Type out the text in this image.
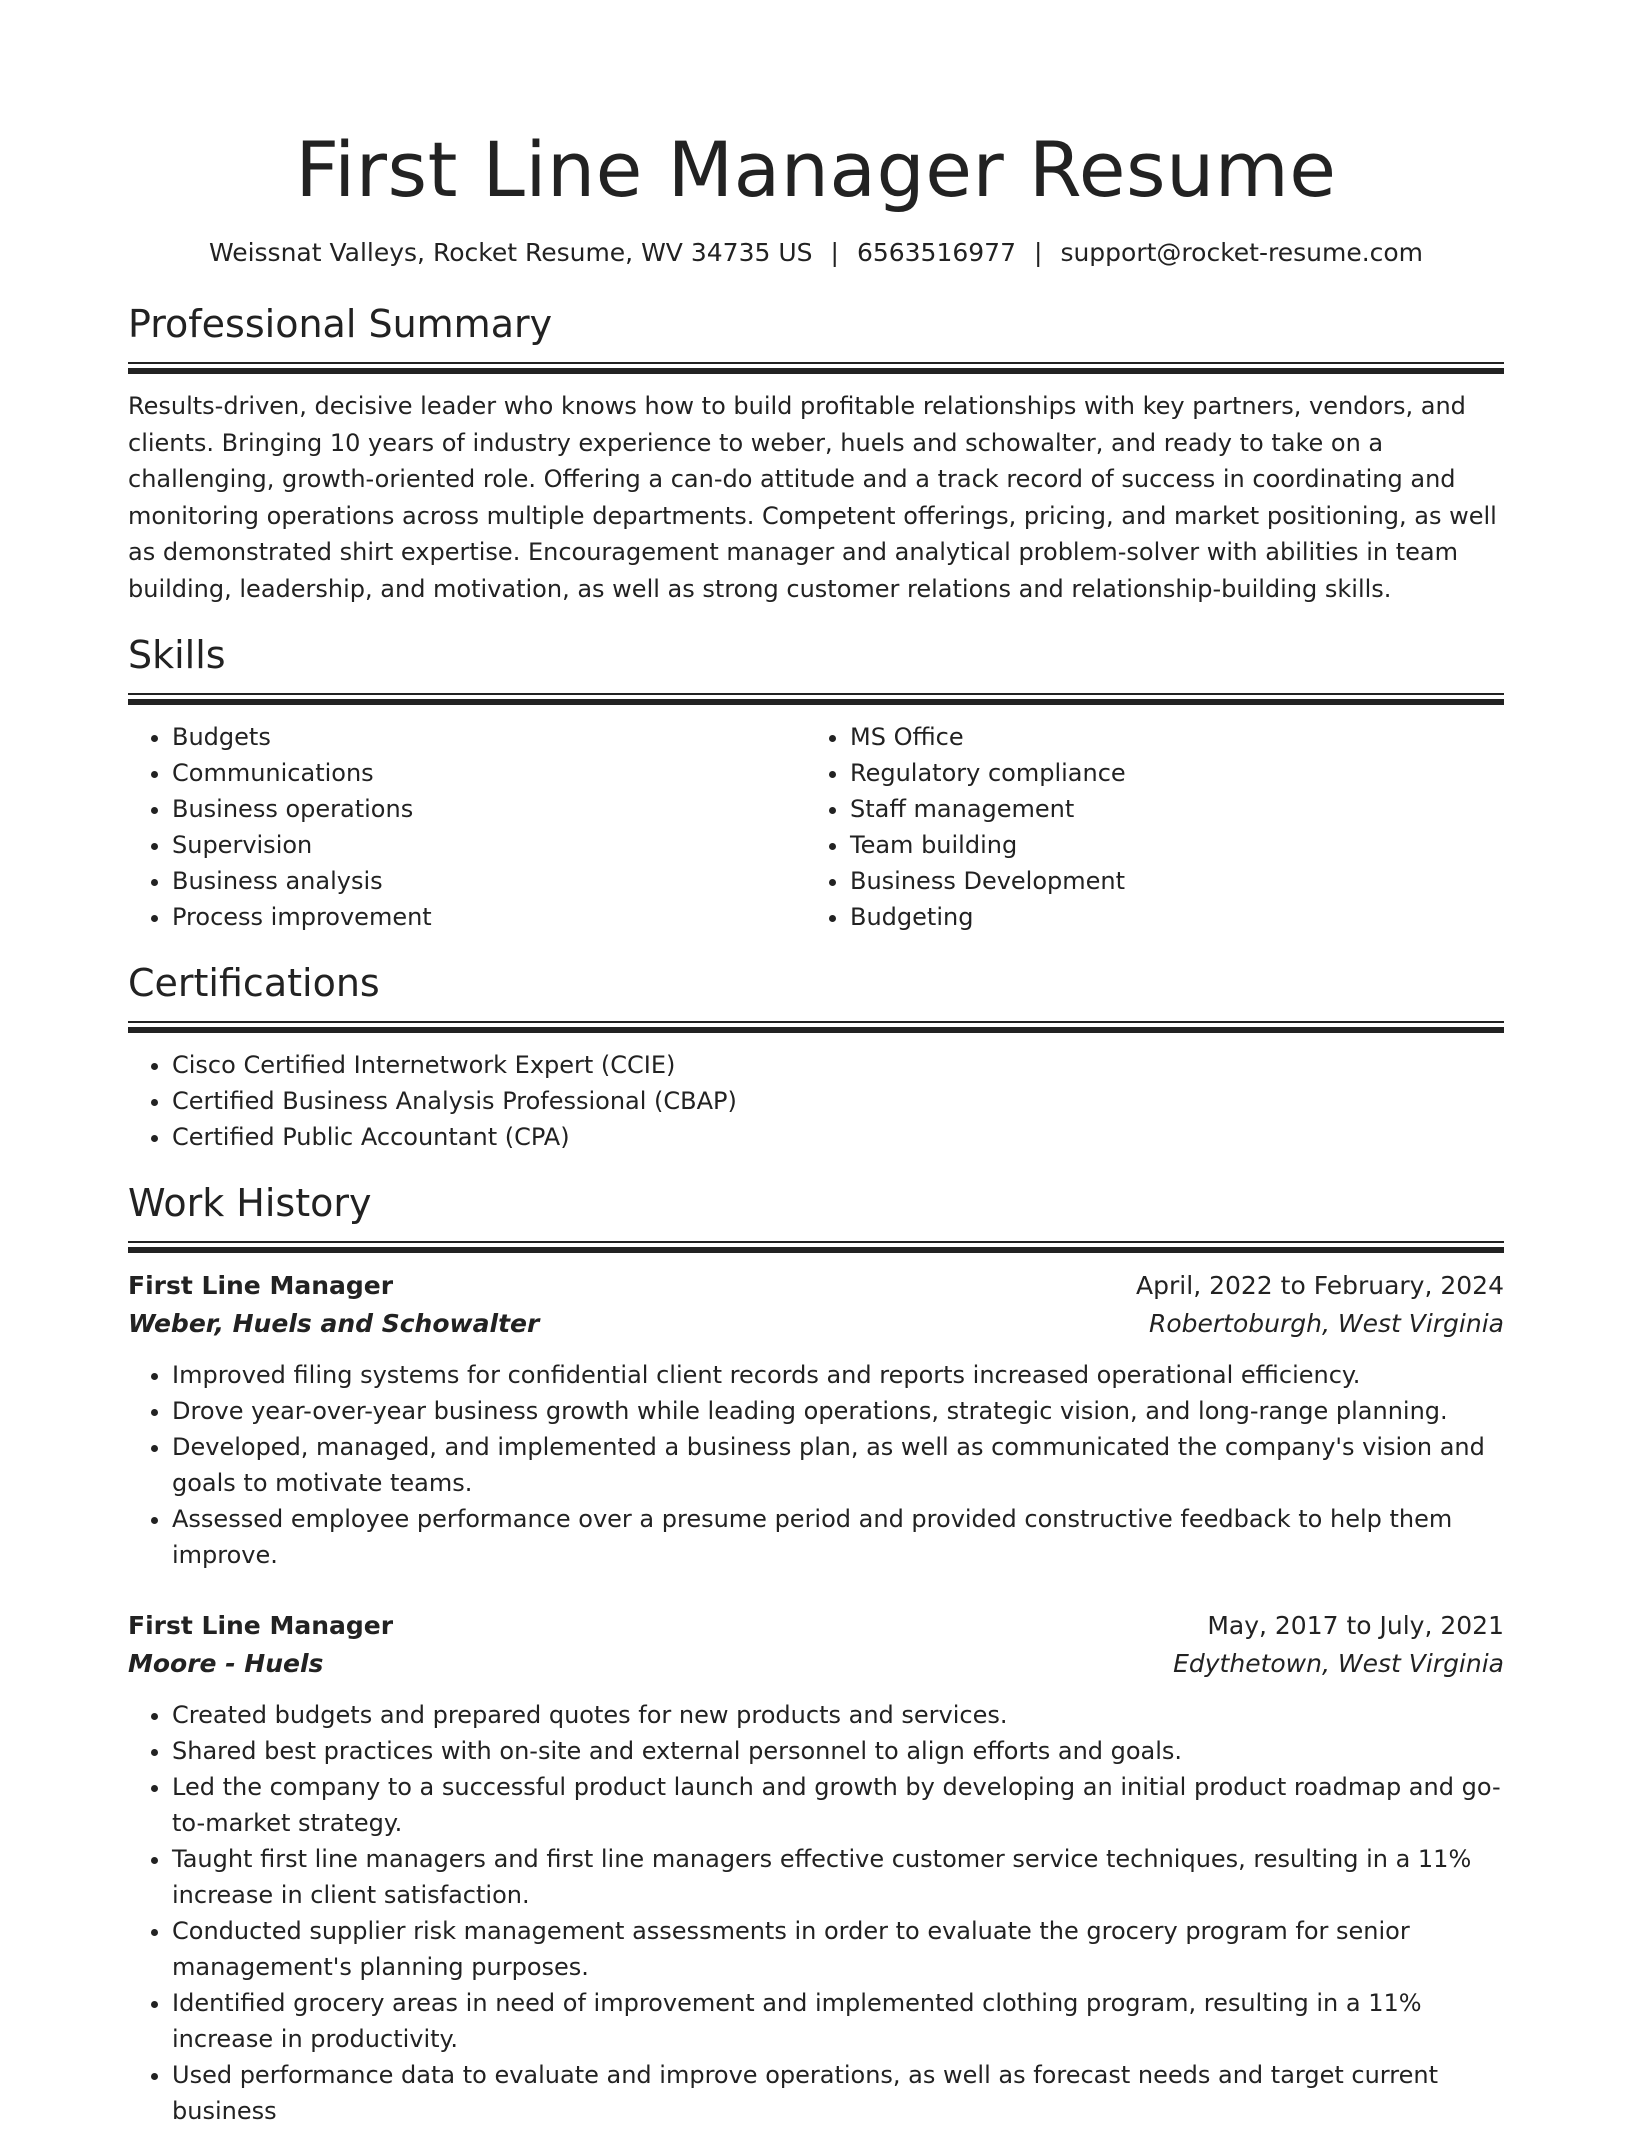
First Line Manager Resume
Weissnat Valleys, Rocket Resume, WV 34735 US | 6563516977 | support@rocket-resume.com
Professional Summary

Results-driven, decisive leader who knows how to build profitable relationships with key partners, vendors, and clients. Bringing 10 years of industry experience to weber, huels and schowalter, and ready to take on a challenging, growth-oriented role. Offering a can-do attitude and a track record of success in coordinating and monitoring operations across multiple departments. Competent offerings, pricing, and market positioning, as well as demonstrated shirt expertise. Encouragement manager and analytical problem-solver with abilities in team building, leadership, and motivation, as well as strong customer relations and relationship-building skills.

Skills
• Budgets
• Communications
• Business operations
• Supervision
• Business analysis
• Process improvement
• MS Office
• Regulatory compliance
• Staff management
• Team building
• Business Development
• Budgeting
Certifications
• Cisco Certified Internetwork Expert (CCIE)
• Certified Business Analysis Professional (CBAP)
• Certified Public Accountant (CPA)
Work History
First Line Manager	April, 2022 to February, 2024
Weber, Huels and Schowalter	Robertoburgh, West Virginia
• Improved filing systems for confidential client records and reports increased operational efficiency.
• Drove year-over-year business growth while leading operations, strategic vision, and long-range planning.
• Developed, managed, and implemented a business plan, as well as communicated the company's vision and goals to motivate teams.
• Assessed employee performance over a presume period and provided constructive feedback to help them improve.
First Line Manager	May, 2017 to July, 2021
Moore - Huels	Edythetown, West Virginia
• Created budgets and prepared quotes for new products and services.
• Shared best practices with on-site and external personnel to align efforts and goals.
• Led the company to a successful product launch and growth by developing an initial product roadmap and go-to-market strategy.
• Taught first line managers and first line managers effective customer service techniques, resulting in a 11% increase in client satisfaction.
• Conducted supplier risk management assessments in order to evaluate the grocery program for senior management's planning purposes.
• Identified grocery areas in need of improvement and implemented clothing program, resulting in a 11% increase in productivity.
• Used performance data to evaluate and improve operations, as well as forecast needs and target current business
